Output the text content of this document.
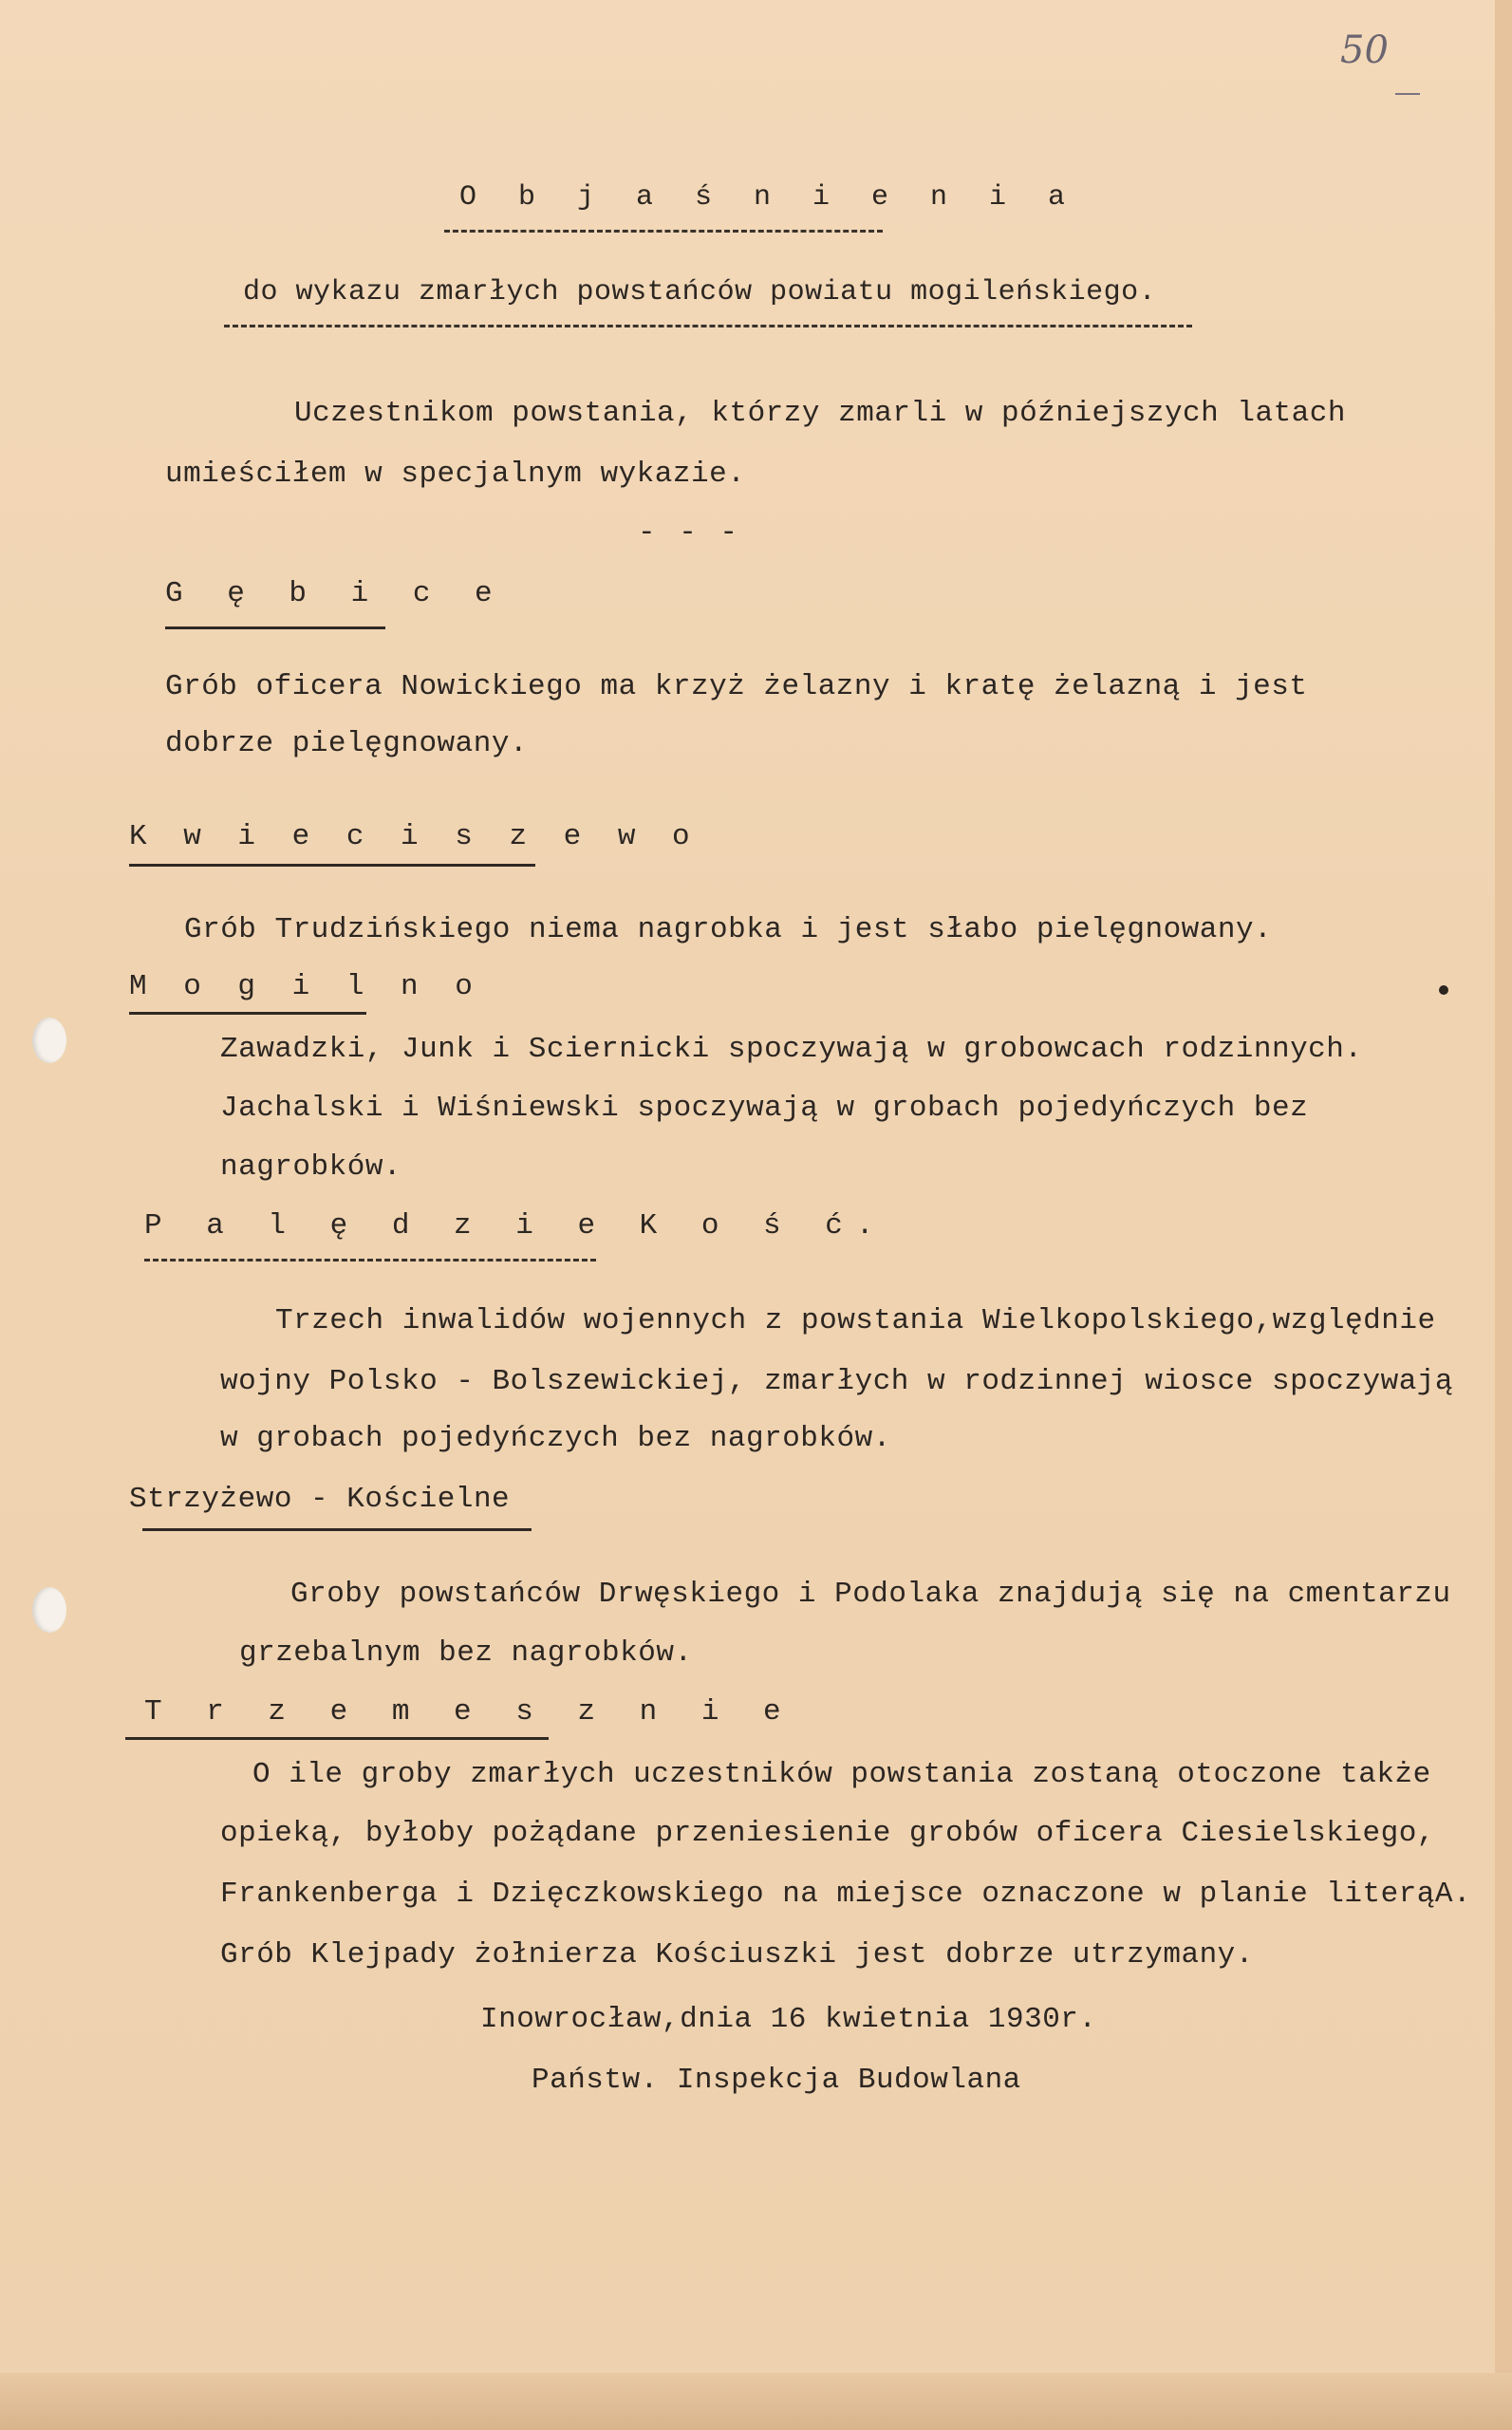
50
O b j a ś n i e n i a
do wykazu zmarłych powstańców powiatu mogileńskiego.
Uczestnikom powstania, którzy zmarli w późniejszych latach
umieściłem w specjalnym wykazie.
- - -
G ę b i c e
Grób oficera Nowickiego ma krzyż żelazny i kratę żelazną i jest
dobrze pielęgnowany.
K w i e c i s z e w o
Grób Trudzińskiego niema nagrobka i jest słabo pielęgnowany.
M o g i l n o
Zawadzki, Junk i Sciernicki spoczywają w grobowcach rodzinnych.
Jachalski i Wiśniewski spoczywają w grobach pojedyńczych bez
nagrobków.
P a l ę d z i e K o ś ć.
Trzech inwalidów wojennych z powstania Wielkopolskiego,względnie
wojny Polsko - Bolszewickiej, zmarłych w rodzinnej wiosce spoczywają
w grobach pojedyńczych bez nagrobków.
Strzyżewo - Kościelne
Groby powstańców Drwęskiego i Podolaka znajdują się na cmentarzu
grzebalnym bez nagrobków.
T r z e m e s z n i e
O ile groby zmarłych uczestników powstania zostaną otoczone także
opieką, byłoby pożądane przeniesienie grobów oficera Ciesielskiego,
Frankenberga i Dzięczkowskiego na miejsce oznaczone w planie literąA.
Grób Klejpady żołnierza Kościuszki jest dobrze utrzymany.
Inowrocław,dnia 16 kwietnia 1930r.
Państw. Inspekcja Budowlana
